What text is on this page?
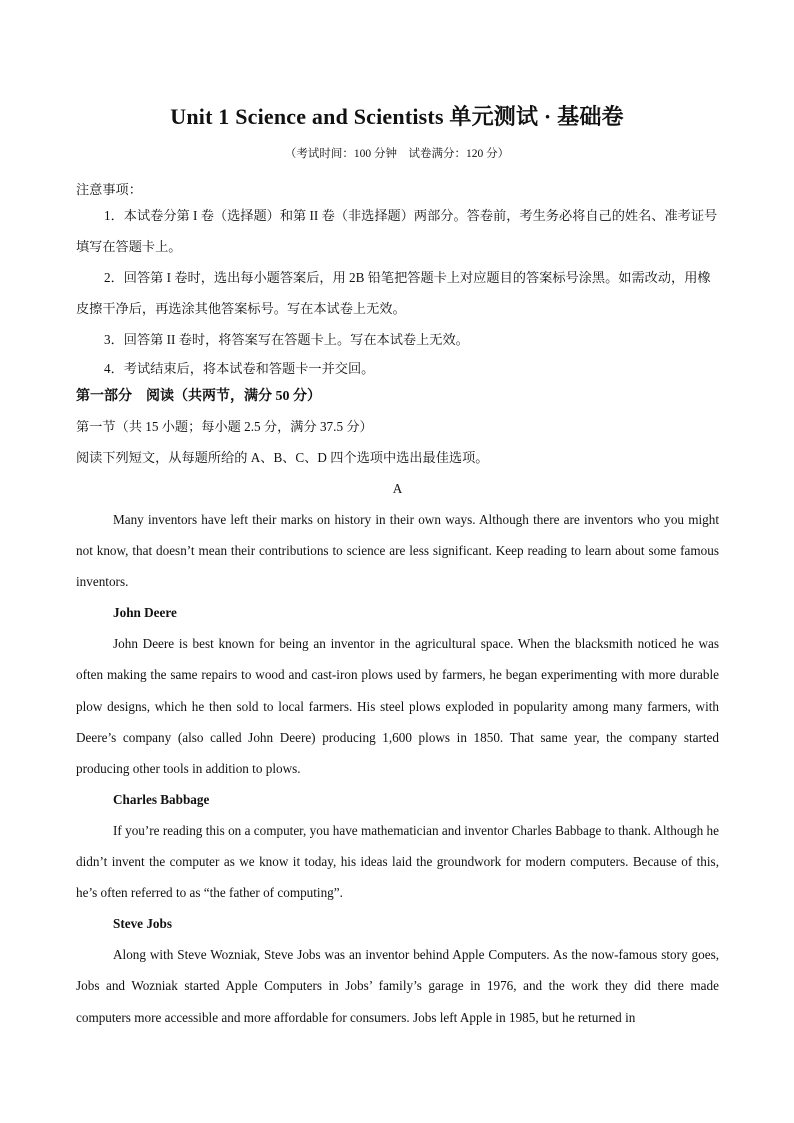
Unit 1 Science and Scientists 单元测试 · 基础卷

（考试时间：100 分钟　试卷满分：120 分）

注意事项：

1．本试卷分第 I 卷（选择题）和第 II 卷（非选择题）两部分。答卷前，考生务必将自己的姓名、准考证号填写在答题卡上。

2．回答第 I 卷时，选出每小题答案后，用 2B 铅笔把答题卡上对应题目的答案标号涂黑。如需改动，用橡皮擦干净后，再选涂其他答案标号。写在本试卷上无效。

3．回答第 II 卷时，将答案写在答题卡上。写在本试卷上无效。

4．考试结束后，将本试卷和答题卡一并交回。

第一部分　阅读（共两节，满分 50 分）

第一节（共 15 小题；每小题 2.5 分，满分 37.5 分）

阅读下列短文，从每题所给的 A、B、C、D 四个选项中选出最佳选项。

A

Many inventors have left their marks on history in their own ways. Although there are inventors who you might not know, that doesn’t mean their contributions to science are less significant. Keep reading to learn about some famous inventors.

John Deere

John Deere is best known for being an inventor in the agricultural space. When the blacksmith noticed he was often making the same repairs to wood and cast-iron plows used by farmers, he began experimenting with more durable plow designs, which he then sold to local farmers. His steel plows exploded in popularity among many farmers, with Deere’s company (also called John Deere) producing 1,600 plows in 1850. That same year, the company started producing other tools in addition to plows.

Charles Babbage

If you’re reading this on a computer, you have mathematician and inventor Charles Babbage to thank. Although he didn’t invent the computer as we know it today, his ideas laid the groundwork for modern computers. Because of this, he’s often referred to as “the father of computing”.

Steve Jobs

Along with Steve Wozniak, Steve Jobs was an inventor behind Apple Computers. As the now-famous story goes, Jobs and Wozniak started Apple Computers in Jobs’ family’s garage in 1976, and the work they did there made computers more accessible and more affordable for consumers. Jobs left Apple in 1985, but he returned in
